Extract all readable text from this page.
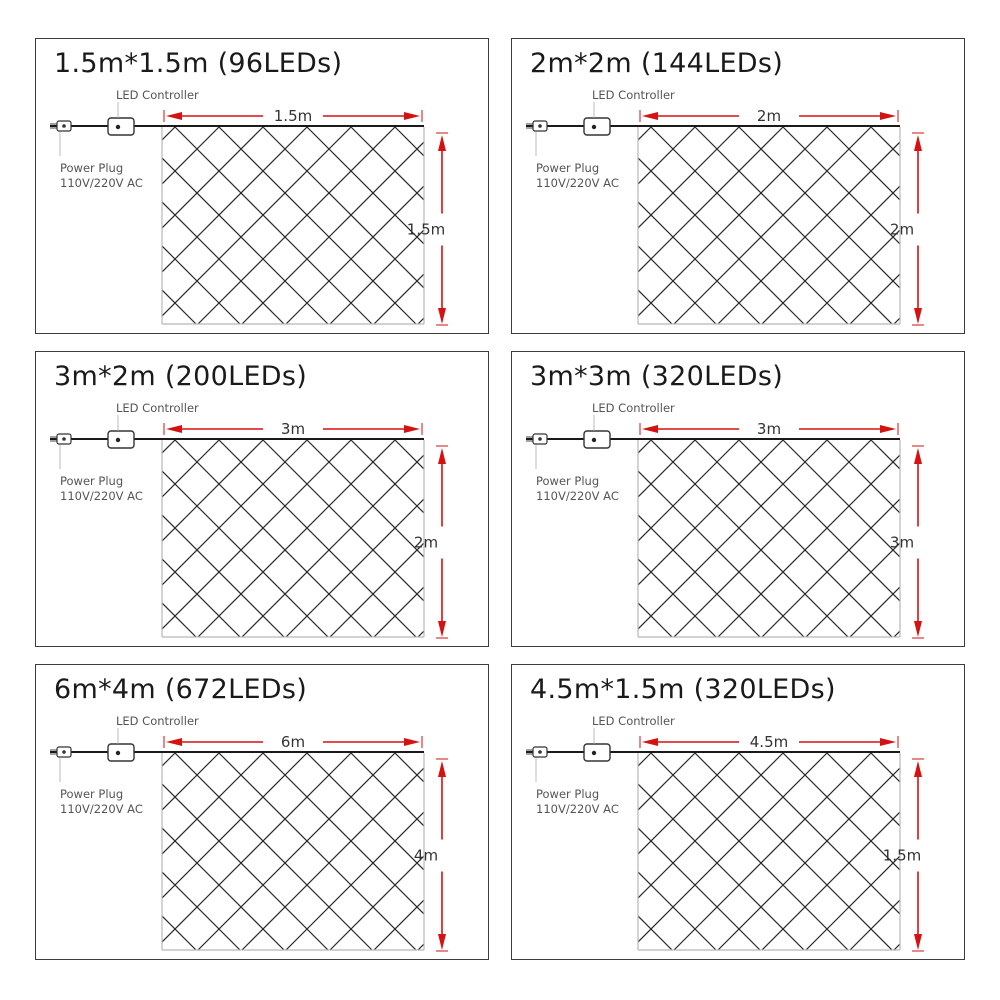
LED Controller
Power Plug
110V/220V AC
1.5m
1.5m
1.5m*1.5m (96LEDs)
LED Controller
Power Plug
110V/220V AC
2m
2m
2m*2m (144LEDs)
LED Controller
Power Plug
110V/220V AC
3m
2m
3m*2m (200LEDs)
LED Controller
Power Plug
110V/220V AC
3m
3m
3m*3m (320LEDs)
LED Controller
Power Plug
110V/220V AC
6m
4m
6m*4m (672LEDs)
LED Controller
Power Plug
110V/220V AC
4.5m
1.5m
4.5m*1.5m (320LEDs)
